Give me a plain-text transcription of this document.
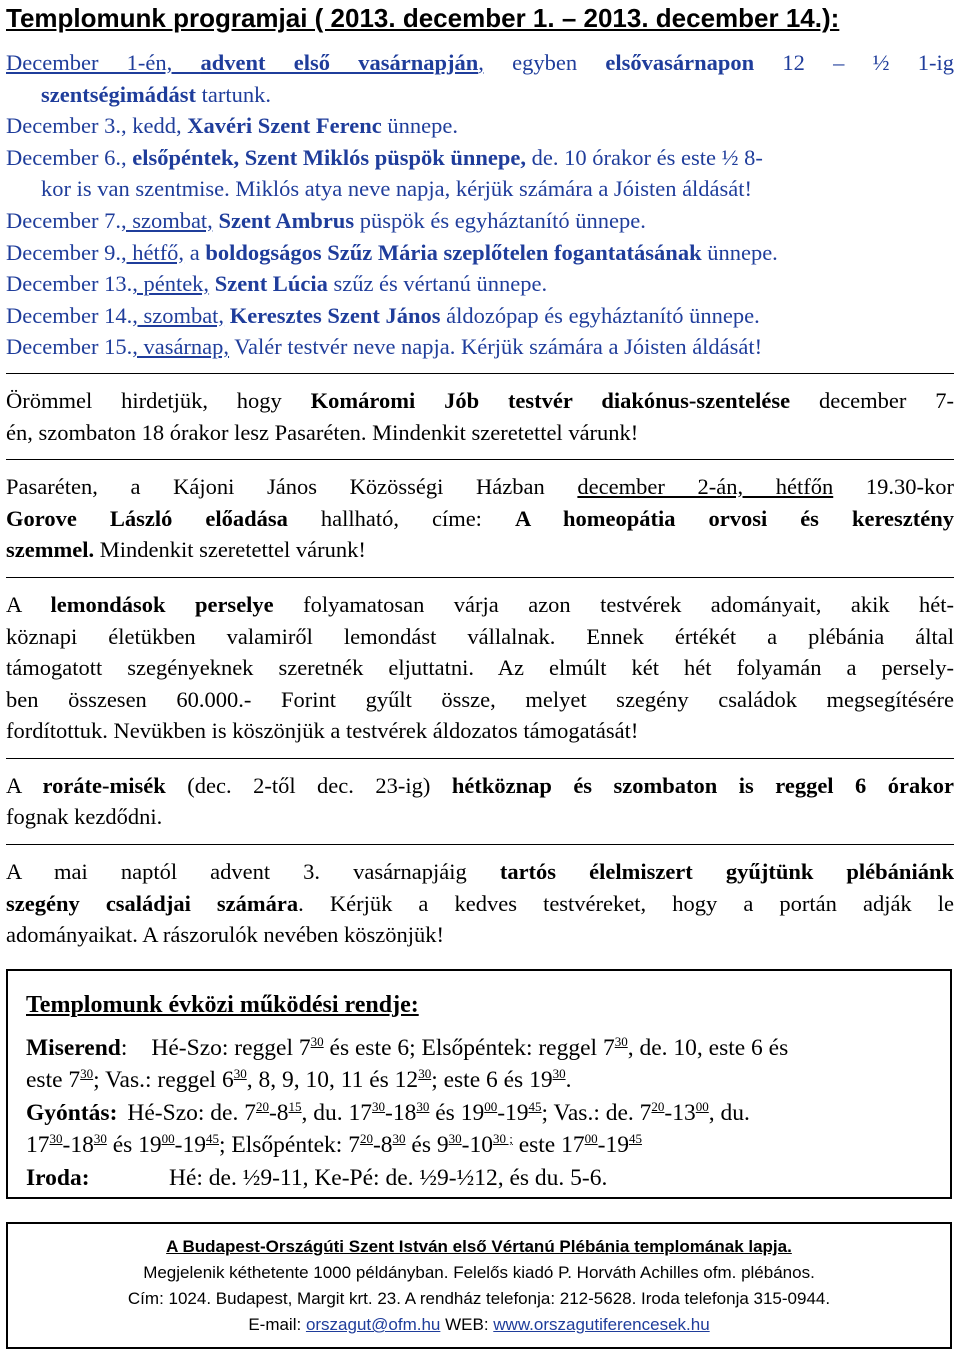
Templomunk programjai ( 2013. december 1. – 2013. december 14.):
December 1-én, advent első vasárnapján, egyben elsővasárnapon 12 – ½ 1-ig
szentségimádást tartunk.
December 3., kedd, Xavéri Szent Ferenc ünnepe.
December 6., elsőpéntek, Szent Miklós püspök ünnepe, de. 10 órakor és este ½ 8-
kor is van szentmise. Miklós atya neve napja, kérjük számára a Jóisten áldását!
December 7., szombat, Szent Ambrus püspök és egyháztanító ünnepe.
December 9., hétfő, a boldogságos Szűz Mária szeplőtelen fogantatásának ünnepe.
December 13., péntek, Szent Lúcia szűz és vértanú ünnepe.
December 14., szombat, Keresztes Szent János áldozópap és egyháztanító ünnepe.
December 15., vasárnap, Valér testvér neve napja. Kérjük számára a Jóisten áldását!
Örömmel hirdetjük, hogy Komáromi Jób testvér diakónus-szentelése december 7-
én, szombaton 18 órakor lesz Pasaréten. Mindenkit szeretettel várunk!
Pasaréten, a Kájoni János Közösségi Házban december 2-án, hétfőn 19.30-kor
Gorove László előadása hallható, címe: A homeopátia orvosi és keresztény
szemmel. Mindenkit szeretettel várunk!
A lemondások perselye folyamatosan várja azon testvérek adományait, akik hét-
köznapi életükben valamiről lemondást vállalnak. Ennek értékét a plébánia által
támogatott szegényeknek szeretnék eljuttatni. Az elmúlt két hét folyamán a persely-
ben összesen 60.000.- Forint gyűlt össze, melyet szegény családok megsegítésére
fordítottuk. Nevükben is köszönjük a testvérek áldozatos támogatását!
A roráte-misék (dec. 2-től dec. 23-ig) hétköznap és szombaton is reggel 6 órakor
fognak kezdődni.
A mai naptól advent 3. vasárnapjáig tartós élelmiszert gyűjtünk plébániánk
szegény családjai számára. Kérjük a kedves testvéreket, hogy a portán adják le
adományaikat. A rászorulók nevében köszönjük!
Templomunk évközi működési rendje:
Miserend: Hé-Szo: reggel $7^{30}$ és este 6; Elsőpéntek: reggel $7^{30}$, de. 10, este 6 és
este $7^{30}$; Vas.: reggel $6^{30}$, 8, 9, 10, 11 és $12^{30}$; este 6 és $19^{30}$.
Gyóntás: Hé-Szo: de. $7^{20}-8^{15}$, du. $17^{30}-18^{30}$ és $19^{00}-19^{45}$; Vas.: de. $7^{20}-13^{00}$, du.
$17^{30}-18^{30}$ és $19^{00}-19^{45}$; Elsőpéntek: $7^{20}-8^{30}$ és $9^{30}-10^{30 ;}$ este $17^{00}-19^{45}$
Iroda:	Hé: de. ½9-11, Ke-Pé: de. ½9-½12, és du. 5-6.
A Budapest-Országúti Szent István első Vértanú Plébánia templomának lapja.
Megjelenik kéthetente 1000 példányban. Felelős kiadó P. Horváth Achilles ofm. plébános.
Cím: 1024. Budapest, Margit krt. 23. A rendház telefonja: 212-5628. Iroda telefonja 315-0944.
E-mail: orszagut@ofm.hu WEB: www.orszagutiferencesek.hu
